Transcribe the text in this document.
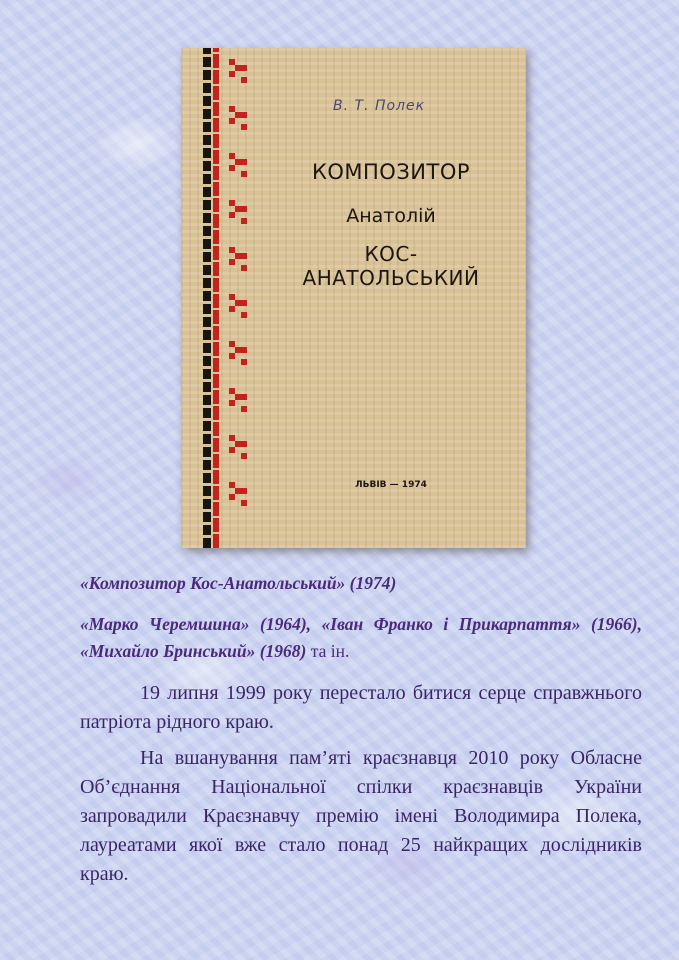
В. Т. Полек
КОМПОЗИТОР
Анатолій
КОС-АНАТОЛЬСЬКИЙ
ЛЬВІВ — 1974
«Композитор Кос-Анатольський» (1974)
«Марко Черемшина» (1964), «Іван Франко і Прикарпаття» (1966), «Михайло Бринський» (1968) та ін.
19 липня 1999 року перестало битися серце справжнього патріота рідного краю.
На вшанування пам’яті краєзнавця 2010 року Обласне Об’єднання Національної спілки краєзнавців України запровадили Краєзнавчу премію імені Володимира Полека, лауреатами якої вже стало понад 25 найкращих дослідників краю.
